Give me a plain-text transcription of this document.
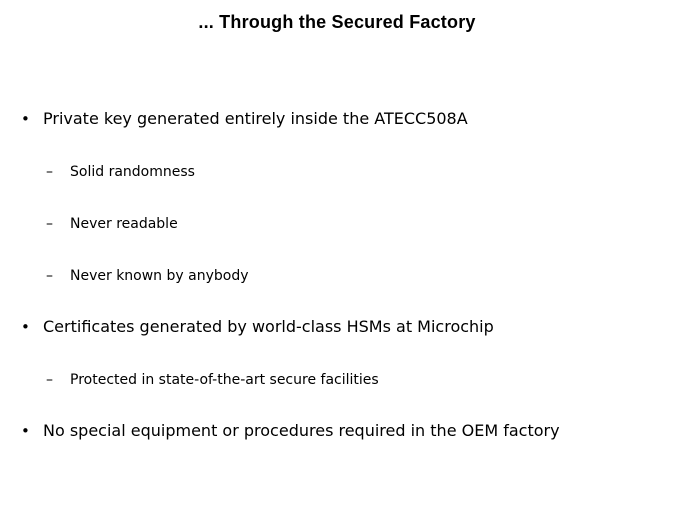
... Through the Secured Factory
• Private key generated entirely inside the ATECC508A
–	Solid randomness
–	Never readable
–	Never known by anybody
• Certificates generated by world-class HSMs at Microchip
–	Protected in state-of-the-art secure facilities
• No special equipment or procedures required in the OEM factory
